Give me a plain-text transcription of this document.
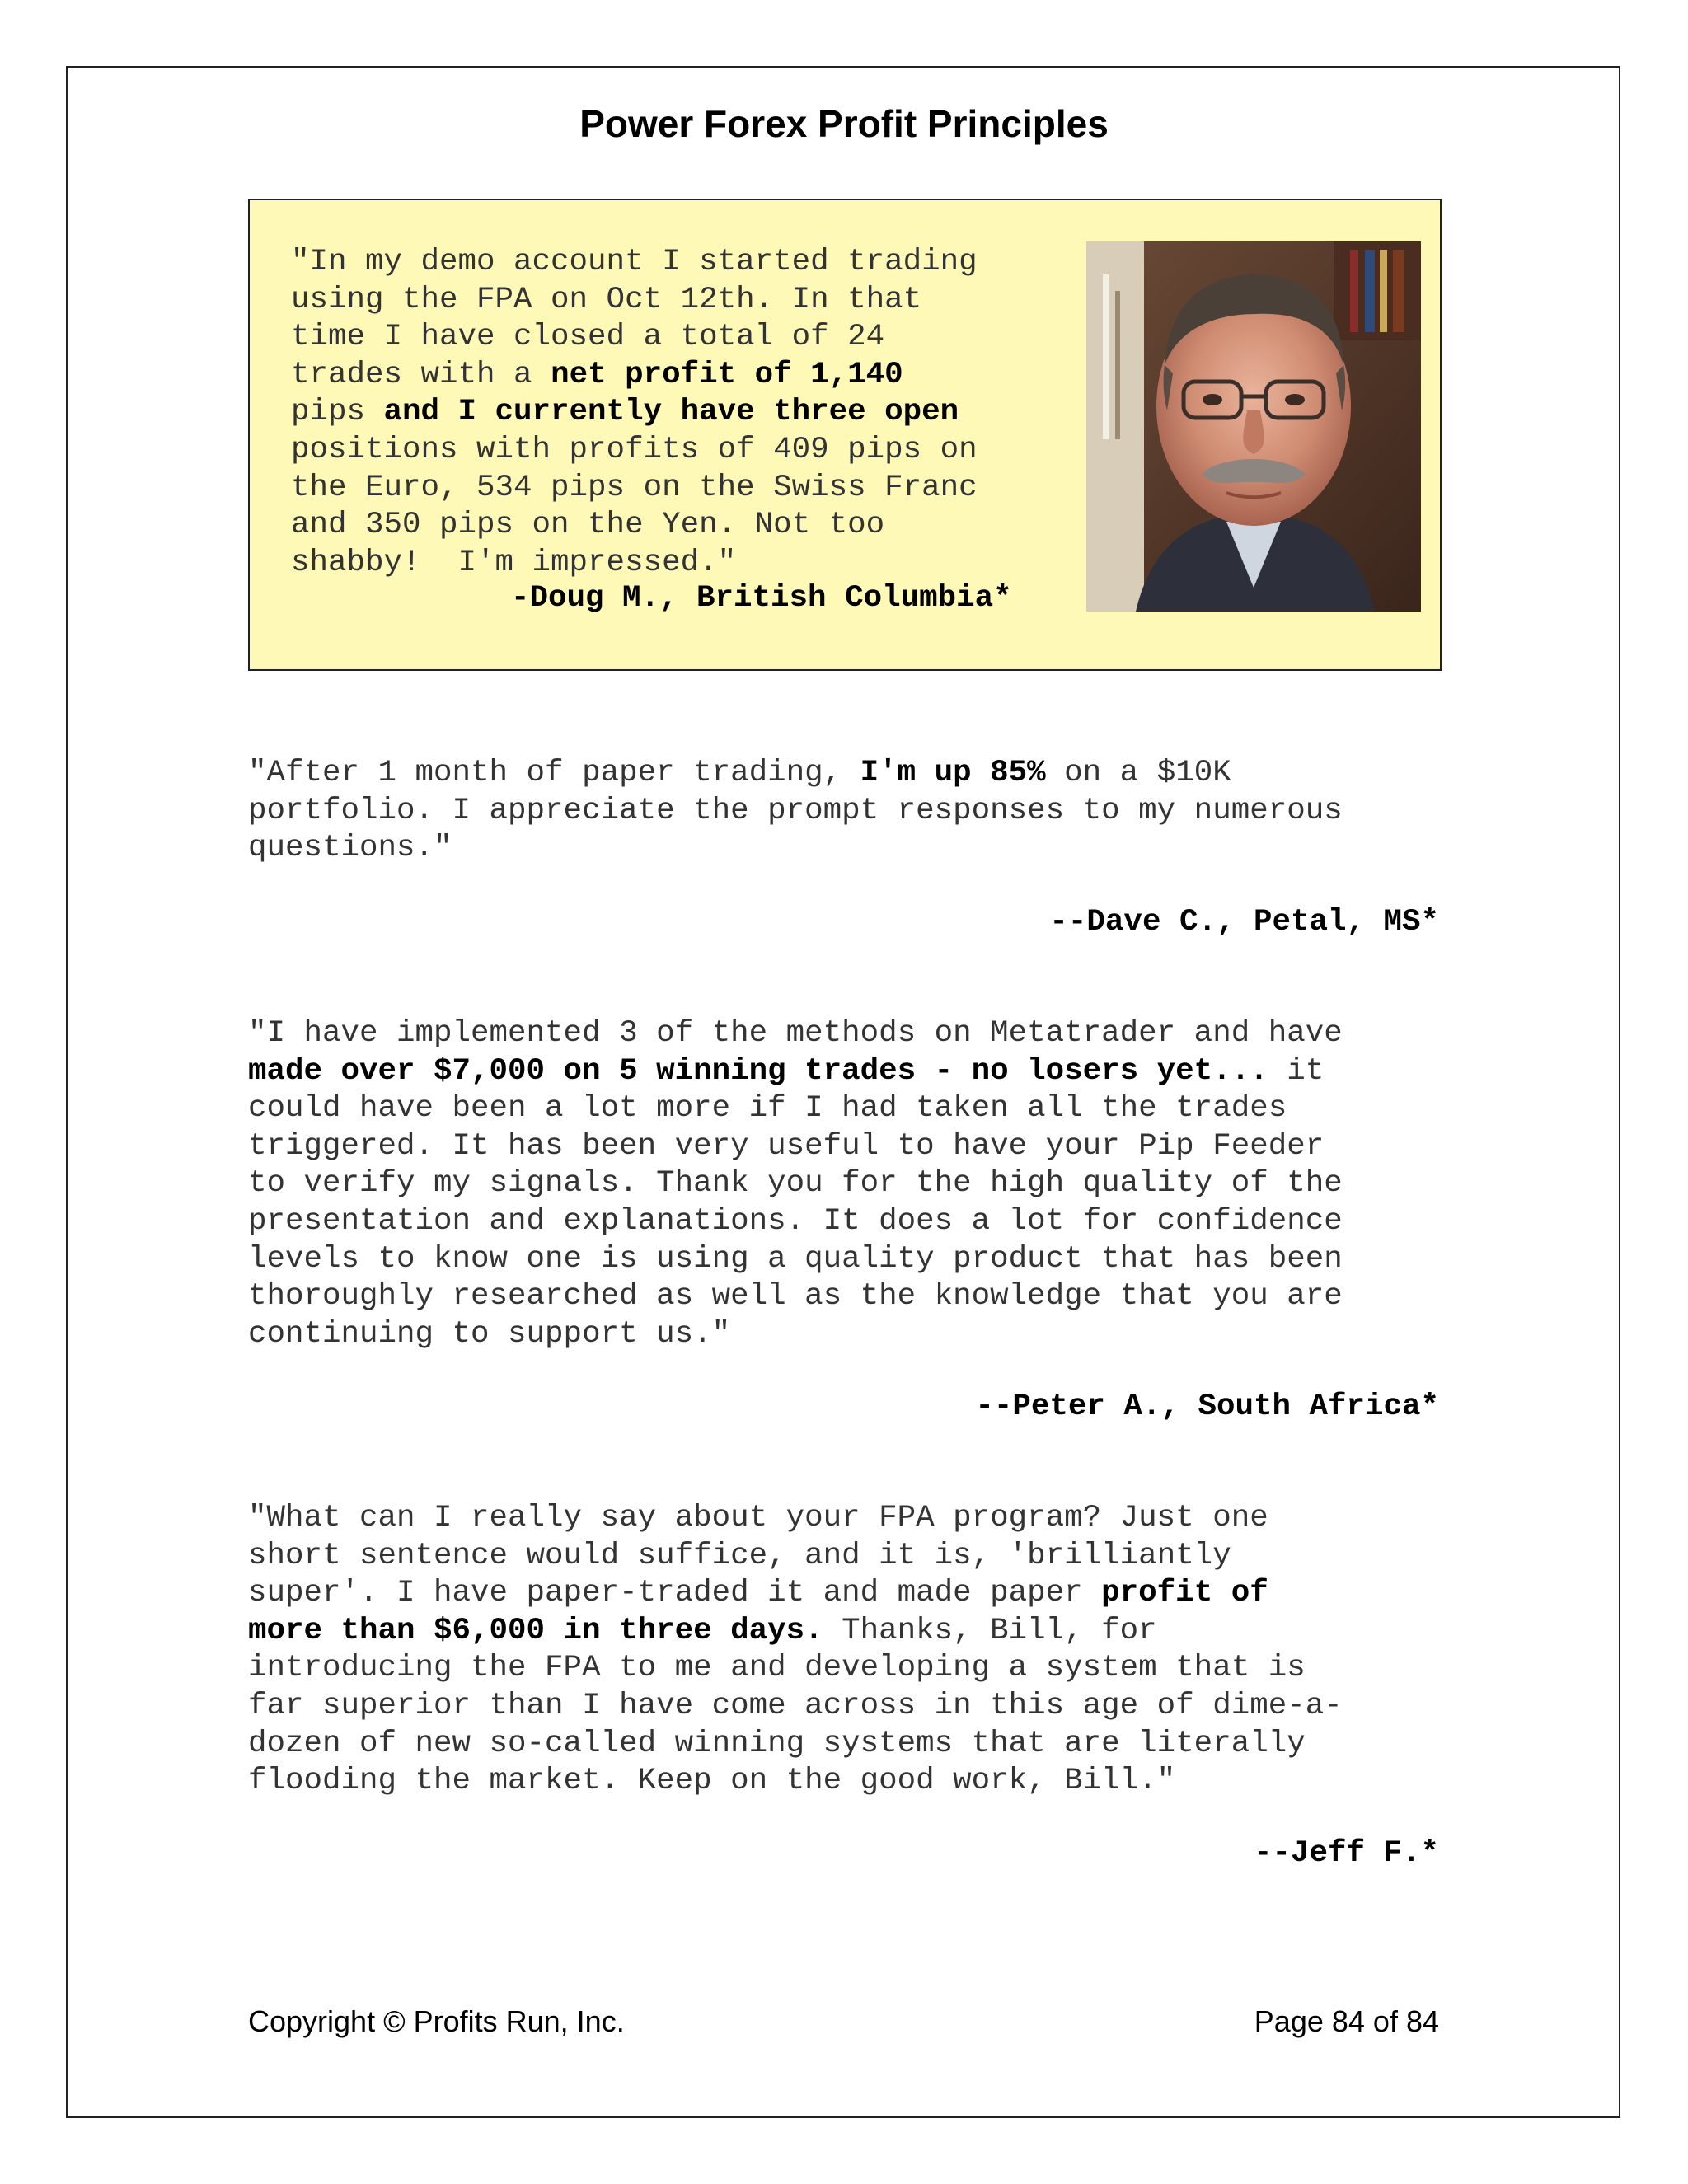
Power Forex Profit Principles
"In my demo account I started trading
using the FPA on Oct 12th. In that
time I have closed a total of 24
trades with a net profit of 1,140
pips and I currently have three open
positions with profits of 409 pips on
the Euro, 534 pips on the Swiss Franc
and 350 pips on the Yen. Not too
shabby!  I'm impressed."
-Doug M., British Columbia*
"After 1 month of paper trading, I'm up 85% on a $10K
portfolio. I appreciate the prompt responses to my numerous
questions."
--Dave C., Petal, MS*
"I have implemented 3 of the methods on Metatrader and have
made over $7,000 on 5 winning trades - no losers yet... it
could have been a lot more if I had taken all the trades
triggered. It has been very useful to have your Pip Feeder
to verify my signals. Thank you for the high quality of the
presentation and explanations. It does a lot for confidence
levels to know one is using a quality product that has been
thoroughly researched as well as the knowledge that you are
continuing to support us."
--Peter A., South Africa*
"What can I really say about your FPA program? Just one
short sentence would suffice, and it is, 'brilliantly
super'. I have paper-traded it and made paper profit of
more than $6,000 in three days. Thanks, Bill, for
introducing the FPA to me and developing a system that is
far superior than I have come across in this age of dime-a-
dozen of new so-called winning systems that are literally
flooding the market. Keep on the good work, Bill."
--Jeff F.*
Copyright © Profits Run, Inc.	Page 84 of 84
